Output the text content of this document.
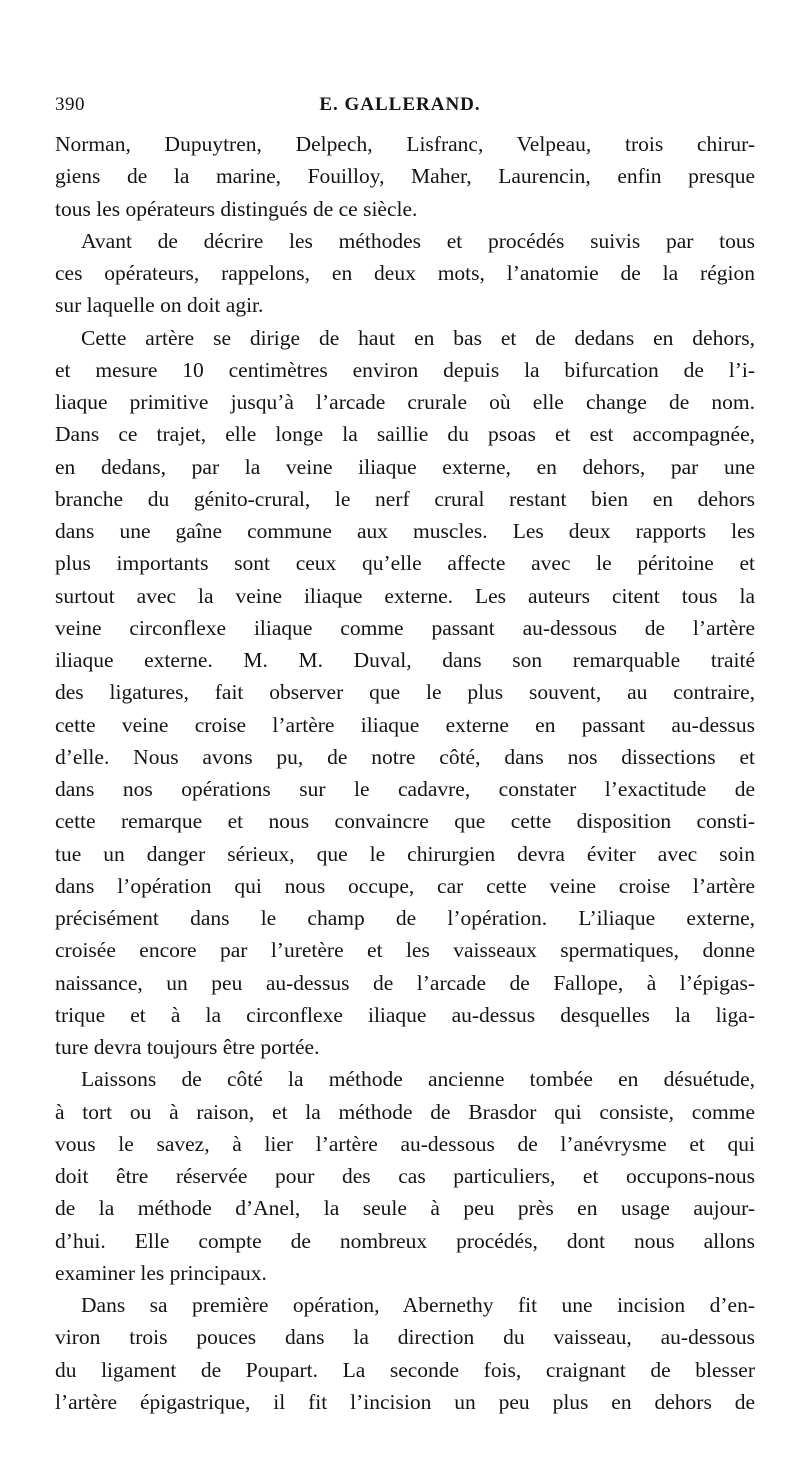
390	E. GALLERAND.
Norman, Dupuytren, Delpech, Lisfranc, Velpeau, trois chirur-
giens de la marine, Fouilloy, Maher, Laurencin, enfin presque
tous les opérateurs distingués de ce siècle.
Avant de décrire les méthodes et procédés suivis par tous
ces opérateurs, rappelons, en deux mots, l’anatomie de la région
sur laquelle on doit agir.
Cette artère se dirige de haut en bas et de dedans en dehors,
et mesure 10 centimètres environ depuis la bifurcation de l’i-
liaque primitive jusqu’à l’arcade crurale où elle change de nom.
Dans ce trajet, elle longe la saillie du psoas et est accompagnée,
en dedans, par la veine iliaque externe, en dehors, par une
branche du génito-crural, le nerf crural restant bien en dehors
dans une gaîne commune aux muscles. Les deux rapports les
plus importants sont ceux qu’elle affecte avec le péritoine et
surtout avec la veine iliaque externe. Les auteurs citent tous la
veine circonflexe iliaque comme passant au-dessous de l’artère
iliaque externe. M. M. Duval, dans son remarquable traité
des ligatures, fait observer que le plus souvent, au contraire,
cette veine croise l’artère iliaque externe en passant au-dessus
d’elle. Nous avons pu, de notre côté, dans nos dissections et
dans nos opérations sur le cadavre, constater l’exactitude de
cette remarque et nous convaincre que cette disposition consti-
tue un danger sérieux, que le chirurgien devra éviter avec soin
dans l’opération qui nous occupe, car cette veine croise l’artère
précisément dans le champ de l’opération. L’iliaque externe,
croisée encore par l’uretère et les vaisseaux spermatiques, donne
naissance, un peu au-dessus de l’arcade de Fallope, à l’épigas-
trique et à la circonflexe iliaque au-dessus desquelles la liga-
ture devra toujours être portée.
Laissons de côté la méthode ancienne tombée en désuétude,
à tort ou à raison, et la méthode de Brasdor qui consiste, comme
vous le savez, à lier l’artère au-dessous de l’anévrysme et qui
doit être réservée pour des cas particuliers, et occupons-nous
de la méthode d’Anel, la seule à peu près en usage aujour-
d’hui. Elle compte de nombreux procédés, dont nous allons
examiner les principaux.
Dans sa première opération, Abernethy fit une incision d’en-
viron trois pouces dans la direction du vaisseau, au-dessous
du ligament de Poupart. La seconde fois, craignant de blesser
l’artère épigastrique, il fit l’incision un peu plus en dehors de
